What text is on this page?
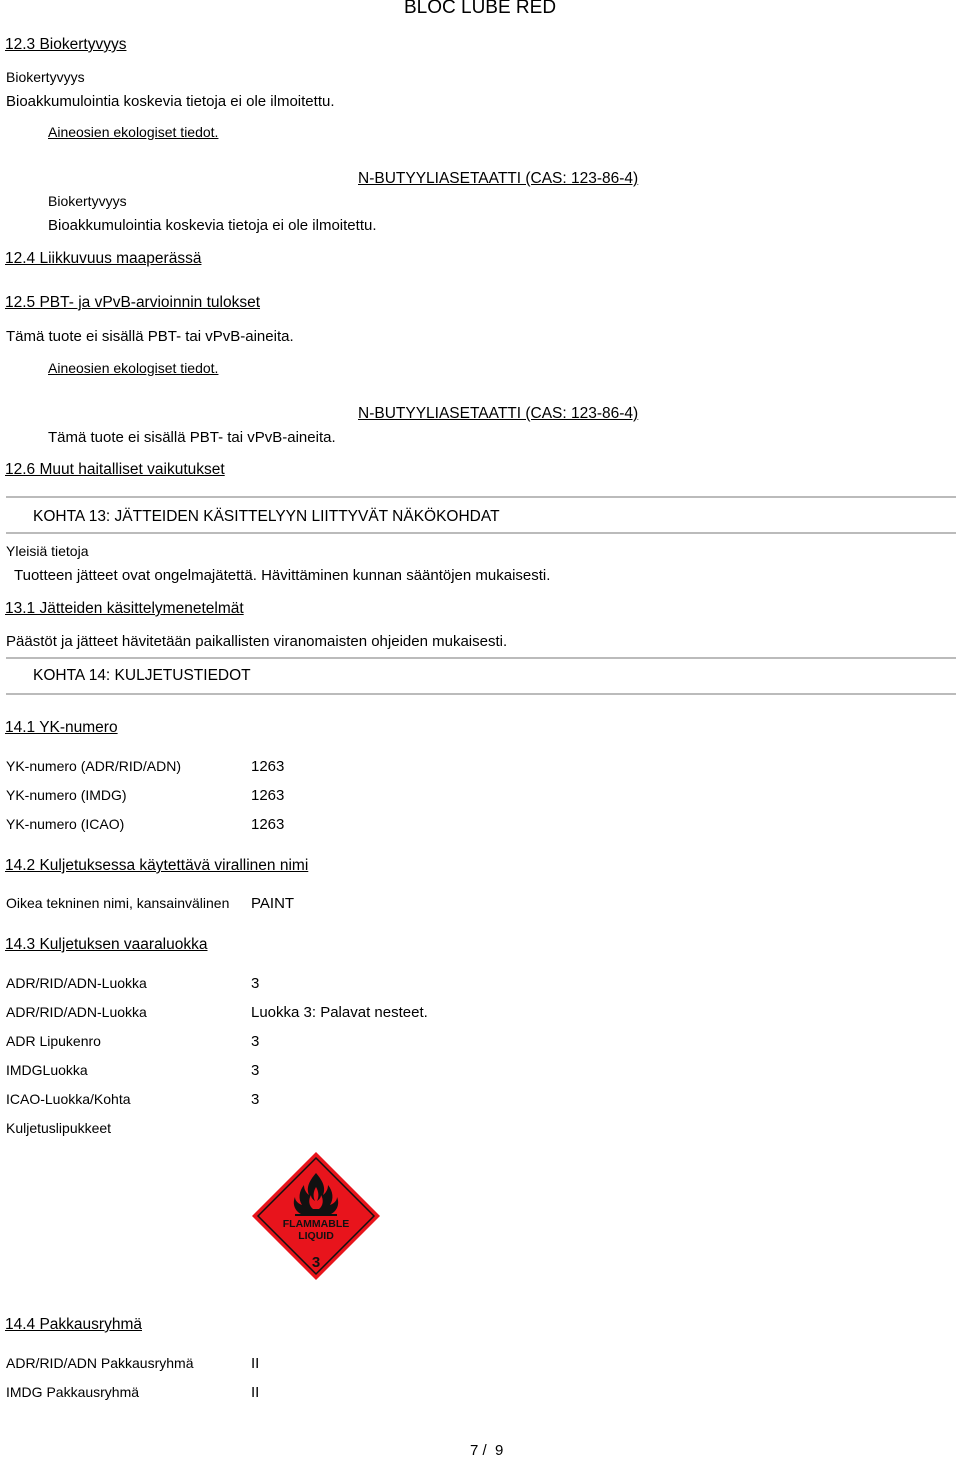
BLOC LUBE RED
12.3 Biokertyvyys
Biokertyvyys
Bioakkumulointia koskevia tietoja ei ole ilmoitettu.
Aineosien ekologiset tiedot.
N-BUTYYLIASETAATTI (CAS: 123-86-4)
Biokertyvyys
Bioakkumulointia koskevia tietoja ei ole ilmoitettu.
12.4 Liikkuvuus maaperässä
12.5 PBT- ja vPvB-arvioinnin tulokset
Tämä tuote ei sisällä PBT- tai vPvB-aineita.
Aineosien ekologiset tiedot.
N-BUTYYLIASETAATTI (CAS: 123-86-4)
Tämä tuote ei sisällä PBT- tai vPvB-aineita.
12.6 Muut haitalliset vaikutukset
KOHTA 13: JÄTTEIDEN KÄSITTELYYN LIITTYVÄT NÄKÖKOHDAT
Yleisiä tietoja
Tuotteen jätteet ovat ongelmajätettä. Hävittäminen kunnan sääntöjen mukaisesti.
13.1 Jätteiden käsittelymenetelmät
Päästöt ja jätteet hävitetään paikallisten viranomaisten ohjeiden mukaisesti.
KOHTA 14: KULJETUSTIEDOT
14.1 YK-numero
YK-numero (ADR/RID/ADN)	1263
YK-numero (IMDG)	1263
YK-numero (ICAO)	1263
14.2 Kuljetuksessa käytettävä virallinen nimi
Oikea tekninen nimi, kansainvälinen PAINT
14.3 Kuljetuksen vaaraluokka
ADR/RID/ADN-Luokka	3
ADR/RID/ADN-Luokka	Luokka 3: Palavat nesteet.
ADR Lipukenro	3
IMDGLuokka	3
ICAO-Luokka/Kohta	3
Kuljetuslipukkeet
FLAMMABLE
LIQUID
3
14.4 Pakkausryhmä
ADR/RID/ADN Pakkausryhmä	II
IMDG Pakkausryhmä	II
7 /  9
